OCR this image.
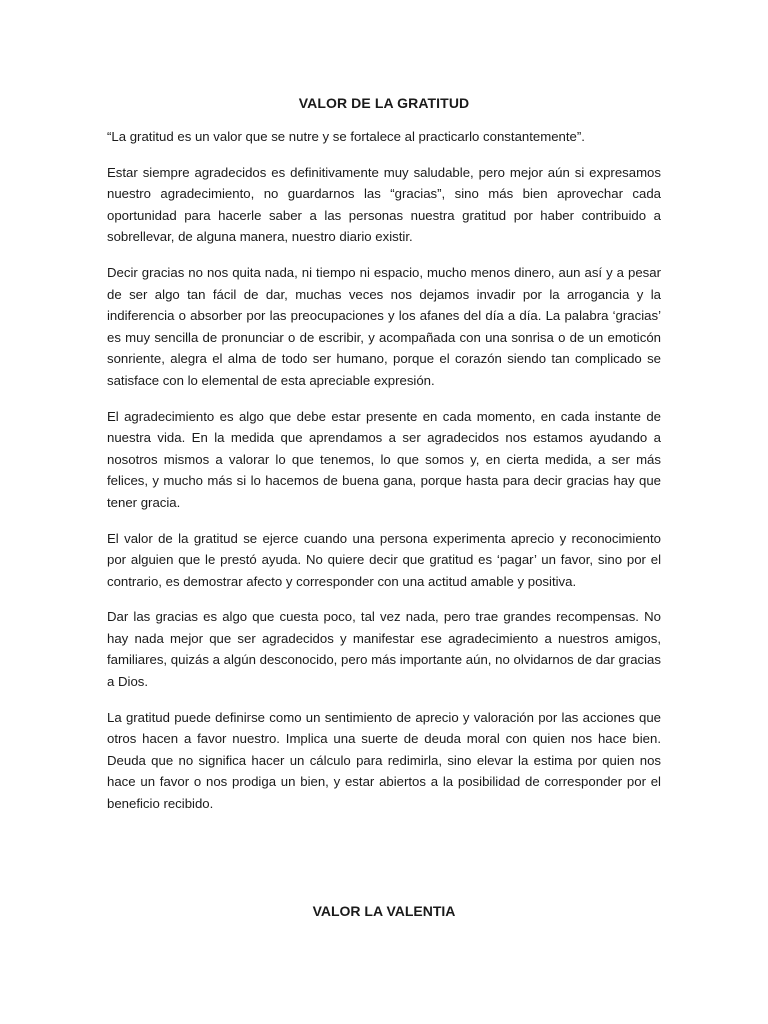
VALOR DE LA GRATITUD

“La gratitud es un valor que se nutre y se fortalece al practicarlo constantemente”.

Estar siempre agradecidos es definitivamente muy saludable, pero mejor aún si expresamos nuestro agradecimiento, no guardarnos las “gracias”, sino más bien aprovechar cada oportunidad para hacerle saber a las personas nuestra gratitud por haber contribuido a sobrellevar, de alguna manera, nuestro diario existir.

Decir gracias no nos quita nada, ni tiempo ni espacio, mucho menos dinero, aun así y a pesar de ser algo tan fácil de dar, muchas veces nos dejamos invadir por la arrogancia y la indiferencia o absorber por las preocupaciones y los afanes del día a día. La palabra ‘gracias’ es muy sencilla de pronunciar o de escribir, y acompañada con una sonrisa o de un emoticón sonriente, alegra el alma de todo ser humano, porque el corazón siendo tan complicado se satisface con lo elemental de esta apreciable expresión.

El agradecimiento es algo que debe estar presente en cada momento, en cada instante de nuestra vida. En la medida que aprendamos a ser agradecidos nos estamos ayudando a nosotros mismos a valorar lo que tenemos, lo que somos y, en cierta medida, a ser más felices, y mucho más si lo hacemos de buena gana, porque hasta para decir gracias hay que tener gracia.

El valor de la gratitud se ejerce cuando una persona experimenta aprecio y reconocimiento por alguien que le prestó ayuda. No quiere decir que gratitud es ‘pagar’ un favor, sino por el contrario, es demostrar afecto y corresponder con una actitud amable y positiva.

Dar las gracias es algo que cuesta poco, tal vez nada, pero trae grandes recompensas. No hay nada mejor que ser agradecidos y manifestar ese agradecimiento a nuestros amigos, familiares, quizás a algún desconocido, pero más importante aún, no olvidarnos de dar gracias a Dios.

La gratitud puede definirse como un sentimiento de aprecio y valoración por las acciones que otros hacen a favor nuestro. Implica una suerte de deuda moral con quien nos hace bien. Deuda que no significa hacer un cálculo para redimirla, sino elevar la estima por quien nos hace un favor o nos prodiga un bien, y estar abiertos a la posibilidad de corresponder por el beneficio recibido.

VALOR LA VALENTIA
